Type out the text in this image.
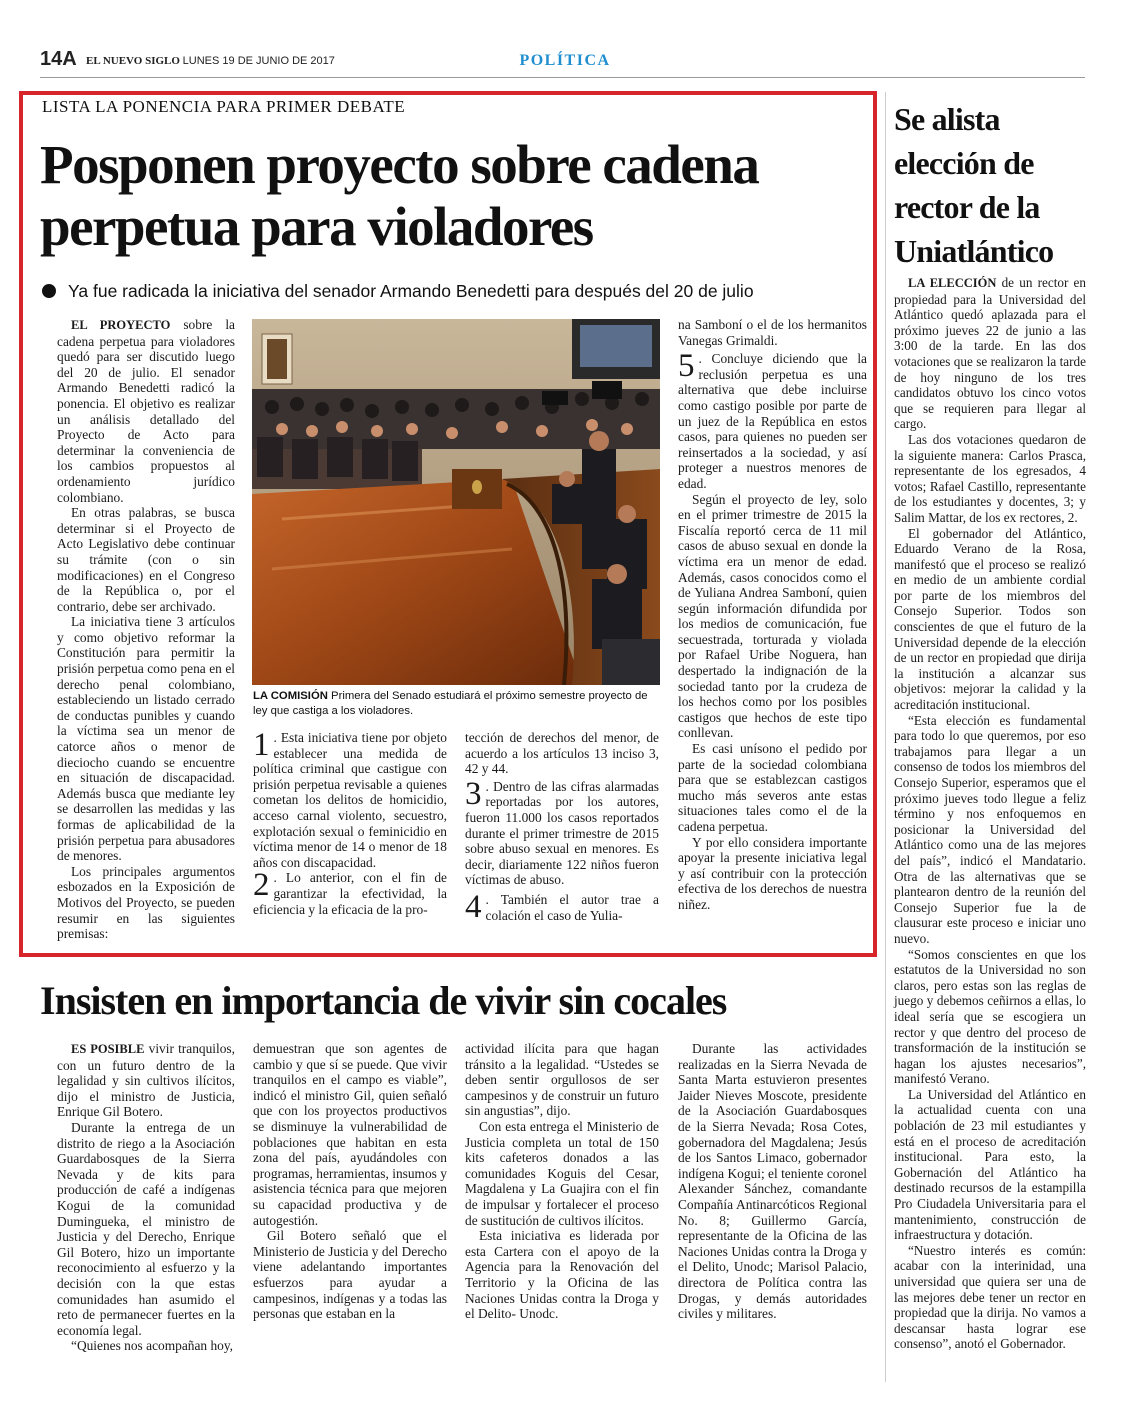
14A EL NUEVO SIGLO LUNES 19 DE JUNIO DE 2017	POLÍTICA
LISTA LA PONENCIA PARA PRIMER DEBATE
Posponen proyecto sobre cadena
perpetua para violadores
Ya fue radicada la iniciativa del senador Armando Benedetti para después del 20 de julio

EL PROYECTO sobre la cadena perpetua para violadores quedó para ser discutido luego del 20 de julio. El senador Armando Benedetti radicó la ponencia. El objetivo es realizar un análisis detallado del Proyecto de Acto para determinar la conveniencia de los cambios propuestos al ordenamiento jurídico colombiano.

En otras palabras, se busca determinar si el Proyecto de Acto Legislativo debe continuar su trámite (con o sin modificaciones) en el Congreso de la República o, por el contrario, debe ser archivado.

La iniciativa tiene 3 artículos y como objetivo reformar la Constitución para permitir la prisión perpetua como pena en el derecho penal colombiano, estableciendo un listado cerrado de conductas punibles y cuando la víctima sea un menor de catorce años o menor de dieciocho cuando se encuentre en situación de discapacidad. Además busca que mediante ley se desarrollen las medidas y las formas de aplicabilidad de la prisión perpetua para abusadores de menores.

Los principales argumentos esbozados en la Exposición de Motivos del Proyecto, se pueden resumir en las siguientes premisas:

LA COMISIÓN Primera del Senado estudiará el próximo semestre proyecto de ley que castiga a los violadores.

1 . Esta iniciativa tiene por objeto establecer una medida de política criminal que castigue con prisión perpetua revisable a quienes cometan los delitos de homicidio, acceso carnal violento, secuestro, explotación sexual o feminicidio en víctima menor de 14 o menor de 18 años con discapacidad.

2 . Lo anterior, con el fin de garantizar la efectividad, la eficiencia y la eficacia de la pro-

tección de derechos del menor, de acuerdo a los artículos 13 inciso 3, 42 y 44.

3 . Dentro de las cifras alarmadas reportadas por los autores, fueron 11.000 los casos reportados durante el primer trimestre de 2015 sobre abuso sexual en menores. Es decir, diariamente 122 niños fueron víctimas de abuso.

4 . También el autor trae a colación el caso de Yulia-

na Samboní o el de los hermanitos Vanegas Grimaldi.

5 . Concluye diciendo que la reclusión perpetua es una alternativa que debe incluirse como castigo posible por parte de un juez de la República en estos casos, para quienes no pueden ser reinsertados a la sociedad, y así proteger a nuestros menores de edad.

Según el proyecto de ley, solo en el primer trimestre de 2015 la Fiscalía reportó cerca de 11 mil casos de abuso sexual en donde la víctima era un menor de edad. Además, casos conocidos como el de Yuliana Andrea Samboní, quien según información difundida por los medios de comunicación, fue secuestrada, torturada y violada por Rafael Uribe Noguera, han despertado la indignación de la sociedad tanto por la crudeza de los hechos como por los posibles castigos que hechos de este tipo conllevan.

Es casi unísono el pedido por parte de la sociedad colombiana para que se establezcan castigos mucho más severos ante estas situaciones tales como el de la cadena perpetua.

Y por ello considera importante apoyar la presente iniciativa legal y así contribuir con la protección efectiva de los derechos de nuestra niñez.

Se alista
elección de
rector de la
Uniatlántico

LA ELECCIÓN de un rector en propiedad para la Universidad del Atlántico quedó aplazada para el próximo jueves 22 de junio a las 3:00 de la tarde. En las dos votaciones que se realizaron la tarde de hoy ninguno de los tres candidatos obtuvo los cinco votos que se requieren para llegar al cargo.

Las dos votaciones quedaron de la siguiente manera: Carlos Prasca, representante de los egresados, 4 votos; Rafael Castillo, representante de los estudiantes y docentes, 3; y Salim Mattar, de los ex rectores, 2.

El gobernador del Atlántico, Eduardo Verano de la Rosa, manifestó que el proceso se realizó en medio de un ambiente cordial por parte de los miembros del Consejo Superior. Todos son conscientes de que el futuro de la Universidad depende de la elección de un rector en propiedad que dirija la institución a alcanzar sus objetivos: mejorar la calidad y la acreditación institucional.

“Esta elección es fundamental para todo lo que queremos, por eso trabajamos para llegar a un consenso de todos los miembros del Consejo Superior, esperamos que el próximo jueves todo llegue a feliz término y nos enfoquemos en posicionar la Universidad del Atlántico como una de las mejores del país”, indicó el Mandatario. Otra de las alternativas que se plantearon dentro de la reunión del Consejo Superior fue la de clausurar este proceso e iniciar uno nuevo.

“Somos conscientes en que los estatutos de la Universidad no son claros, pero estas son las reglas de juego y debemos ceñirnos a ellas, lo ideal sería que se escogiera un rector y que dentro del proceso de transformación de la institución se hagan los ajustes necesarios”, manifestó Verano.

La Universidad del Atlántico en la actualidad cuenta con una población de 23 mil estudiantes y está en el proceso de acreditación institucional. Para esto, la Gobernación del Atlántico ha destinado recursos de la estampilla Pro Ciudadela Universitaria para el mantenimiento, construcción de infraestructura y dotación.

“Nuestro interés es común: acabar con la interinidad, una universidad que quiera ser una de las mejores debe tener un rector en propiedad que la dirija. No vamos a descansar hasta lograr ese consenso”, anotó el Gobernador.

Insisten en importancia de vivir sin cocales

ES POSIBLE vivir tranquilos, con un futuro dentro de la legalidad y sin cultivos ilícitos, dijo el ministro de Justicia, Enrique Gil Botero.

Durante la entrega de un distrito de riego a la Asociación Guardabosques de la Sierra Nevada y de kits para producción de café a indígenas Kogui de la comunidad Dumingueka, el ministro de Justicia y del Derecho, Enrique Gil Botero, hizo un importante reconocimiento al esfuerzo y la decisión con la que estas comunidades han asumido el reto de permanecer fuertes en la economía legal.

“Quienes nos acompañan hoy,

demuestran que son agentes de cambio y que sí se puede. Que vivir tranquilos en el campo es viable”, indicó el ministro Gil, quien señaló que con los proyectos productivos se disminuye la vulnerabilidad de poblaciones que habitan en esta zona del país, ayudándoles con programas, herramientas, insumos y asistencia técnica para que mejoren su capacidad productiva y de autogestión.

Gil Botero señaló que el Ministerio de Justicia y del Derecho viene adelantando importantes esfuerzos para ayudar a campesinos, indígenas y a todas las personas que estaban en la

actividad ilícita para que hagan tránsito a la legalidad. “Ustedes se deben sentir orgullosos de ser campesinos y de construir un futuro sin angustias”, dijo.

Con esta entrega el Ministerio de Justicia completa un total de 150 kits cafeteros donados a las comunidades Koguis del Cesar, Magdalena y La Guajira con el fin de impulsar y fortalecer el proceso de sustitución de cultivos ilícitos.

Esta iniciativa es liderada por esta Cartera con el apoyo de la Agencia para la Renovación del Territorio y la Oficina de las Naciones Unidas contra la Droga y el Delito- Unodc.

Durante las actividades realizadas en la Sierra Nevada de Santa Marta estuvieron presentes Jaider Nieves Moscote, presidente de la Asociación Guardabosques de la Sierra Nevada; Rosa Cotes, gobernadora del Magdalena; Jesús de los Santos Limaco, gobernador indígena Kogui; el teniente coronel Alexander Sánchez, comandante Compañía Antinarcóticos Regional No. 8; Guillermo García, representante de la Oficina de las Naciones Unidas contra la Droga y el Delito, Unodc; Marisol Palacio, directora de Política contra las Drogas, y demás autoridades civiles y militares.
